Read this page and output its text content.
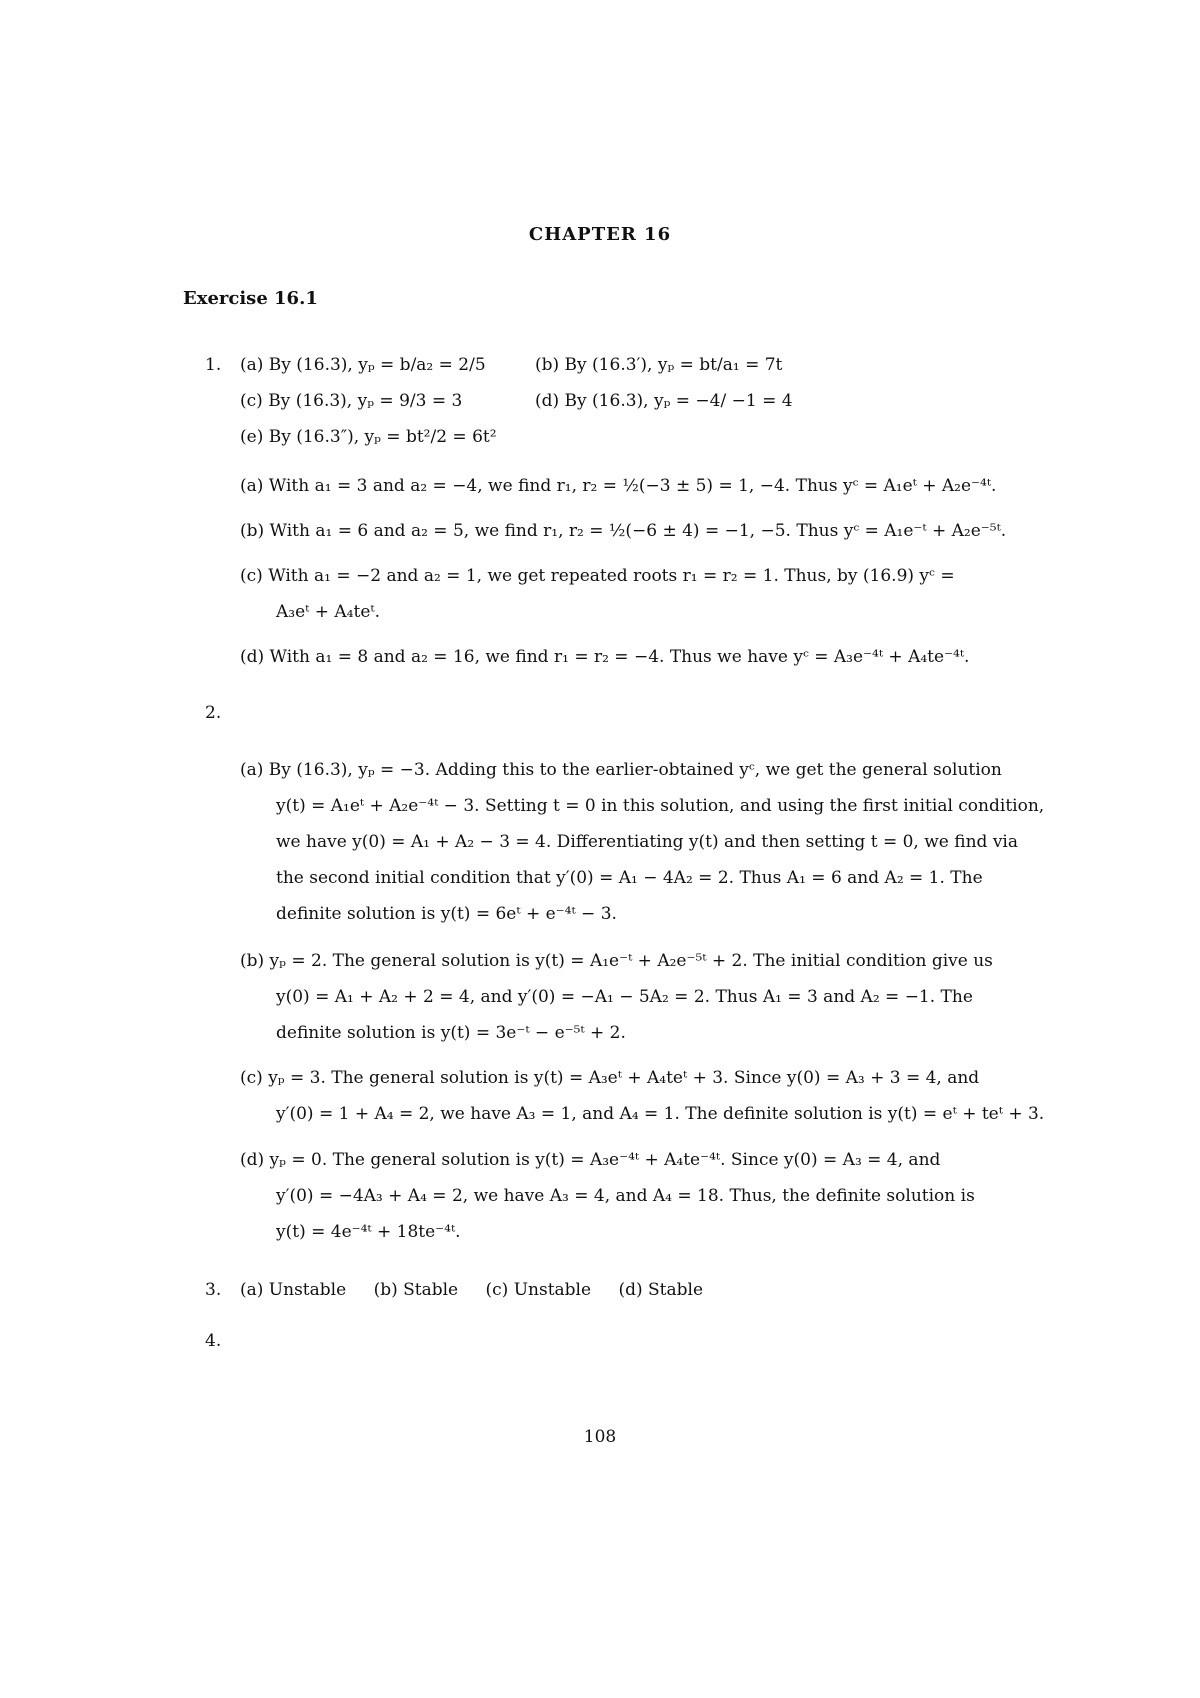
CHAPTER 16
Exercise 16.1
1. (a) By (16.3), yₚ = b/a₂ = 2/5	(b) By (16.3′), yₚ = bt/a₁ = 7t
(c) By (16.3), yₚ = 9/3 = 3	(d) By (16.3), yₚ = −4/ −1 = 4
(e) By (16.3″), yₚ = bt²/2 = 6t²
(a) With a₁ = 3 and a₂ = −4, we find r₁, r₂ = ½(−3 ± 5) = 1, −4. Thus yᶜ = A₁eᵗ + A₂e⁻⁴ᵗ.
(b) With a₁ = 6 and a₂ = 5, we find r₁, r₂ = ½(−6 ± 4) = −1, −5. Thus yᶜ = A₁e⁻ᵗ + A₂e⁻⁵ᵗ.
(c) With a₁ = −2 and a₂ = 1, we get repeated roots r₁ = r₂ = 1. Thus, by (16.9) yᶜ =
A₃eᵗ + A₄teᵗ.
(d) With a₁ = 8 and a₂ = 16, we find r₁ = r₂ = −4. Thus we have yᶜ = A₃e⁻⁴ᵗ + A₄te⁻⁴ᵗ.
2.
(a) By (16.3), yₚ = −3. Adding this to the earlier-obtained yᶜ, we get the general solution
y(t) = A₁eᵗ + A₂e⁻⁴ᵗ − 3. Setting t = 0 in this solution, and using the first initial condition,
we have y(0) = A₁ + A₂ − 3 = 4. Differentiating y(t) and then setting t = 0, we find via
the second initial condition that y′(0) = A₁ − 4A₂ = 2. Thus A₁ = 6 and A₂ = 1. The
definite solution is y(t) = 6eᵗ + e⁻⁴ᵗ − 3.
(b) yₚ = 2. The general solution is y(t) = A₁e⁻ᵗ + A₂e⁻⁵ᵗ + 2. The initial condition give us
y(0) = A₁ + A₂ + 2 = 4, and y′(0) = −A₁ − 5A₂ = 2. Thus A₁ = 3 and A₂ = −1. The
definite solution is y(t) = 3e⁻ᵗ − e⁻⁵ᵗ + 2.
(c) yₚ = 3. The general solution is y(t) = A₃eᵗ + A₄teᵗ + 3. Since y(0) = A₃ + 3 = 4, and
y′(0) = 1 + A₄ = 2, we have A₃ = 1, and A₄ = 1. The definite solution is y(t) = eᵗ + teᵗ + 3.
(d) yₚ = 0. The general solution is y(t) = A₃e⁻⁴ᵗ + A₄te⁻⁴ᵗ. Since y(0) = A₃ = 4, and
y′(0) = −4A₃ + A₄ = 2, we have A₃ = 4, and A₄ = 18. Thus, the definite solution is
y(t) = 4e⁻⁴ᵗ + 18te⁻⁴ᵗ.
3. (a) Unstable (b) Stable (c) Unstable (d) Stable
4.
108
